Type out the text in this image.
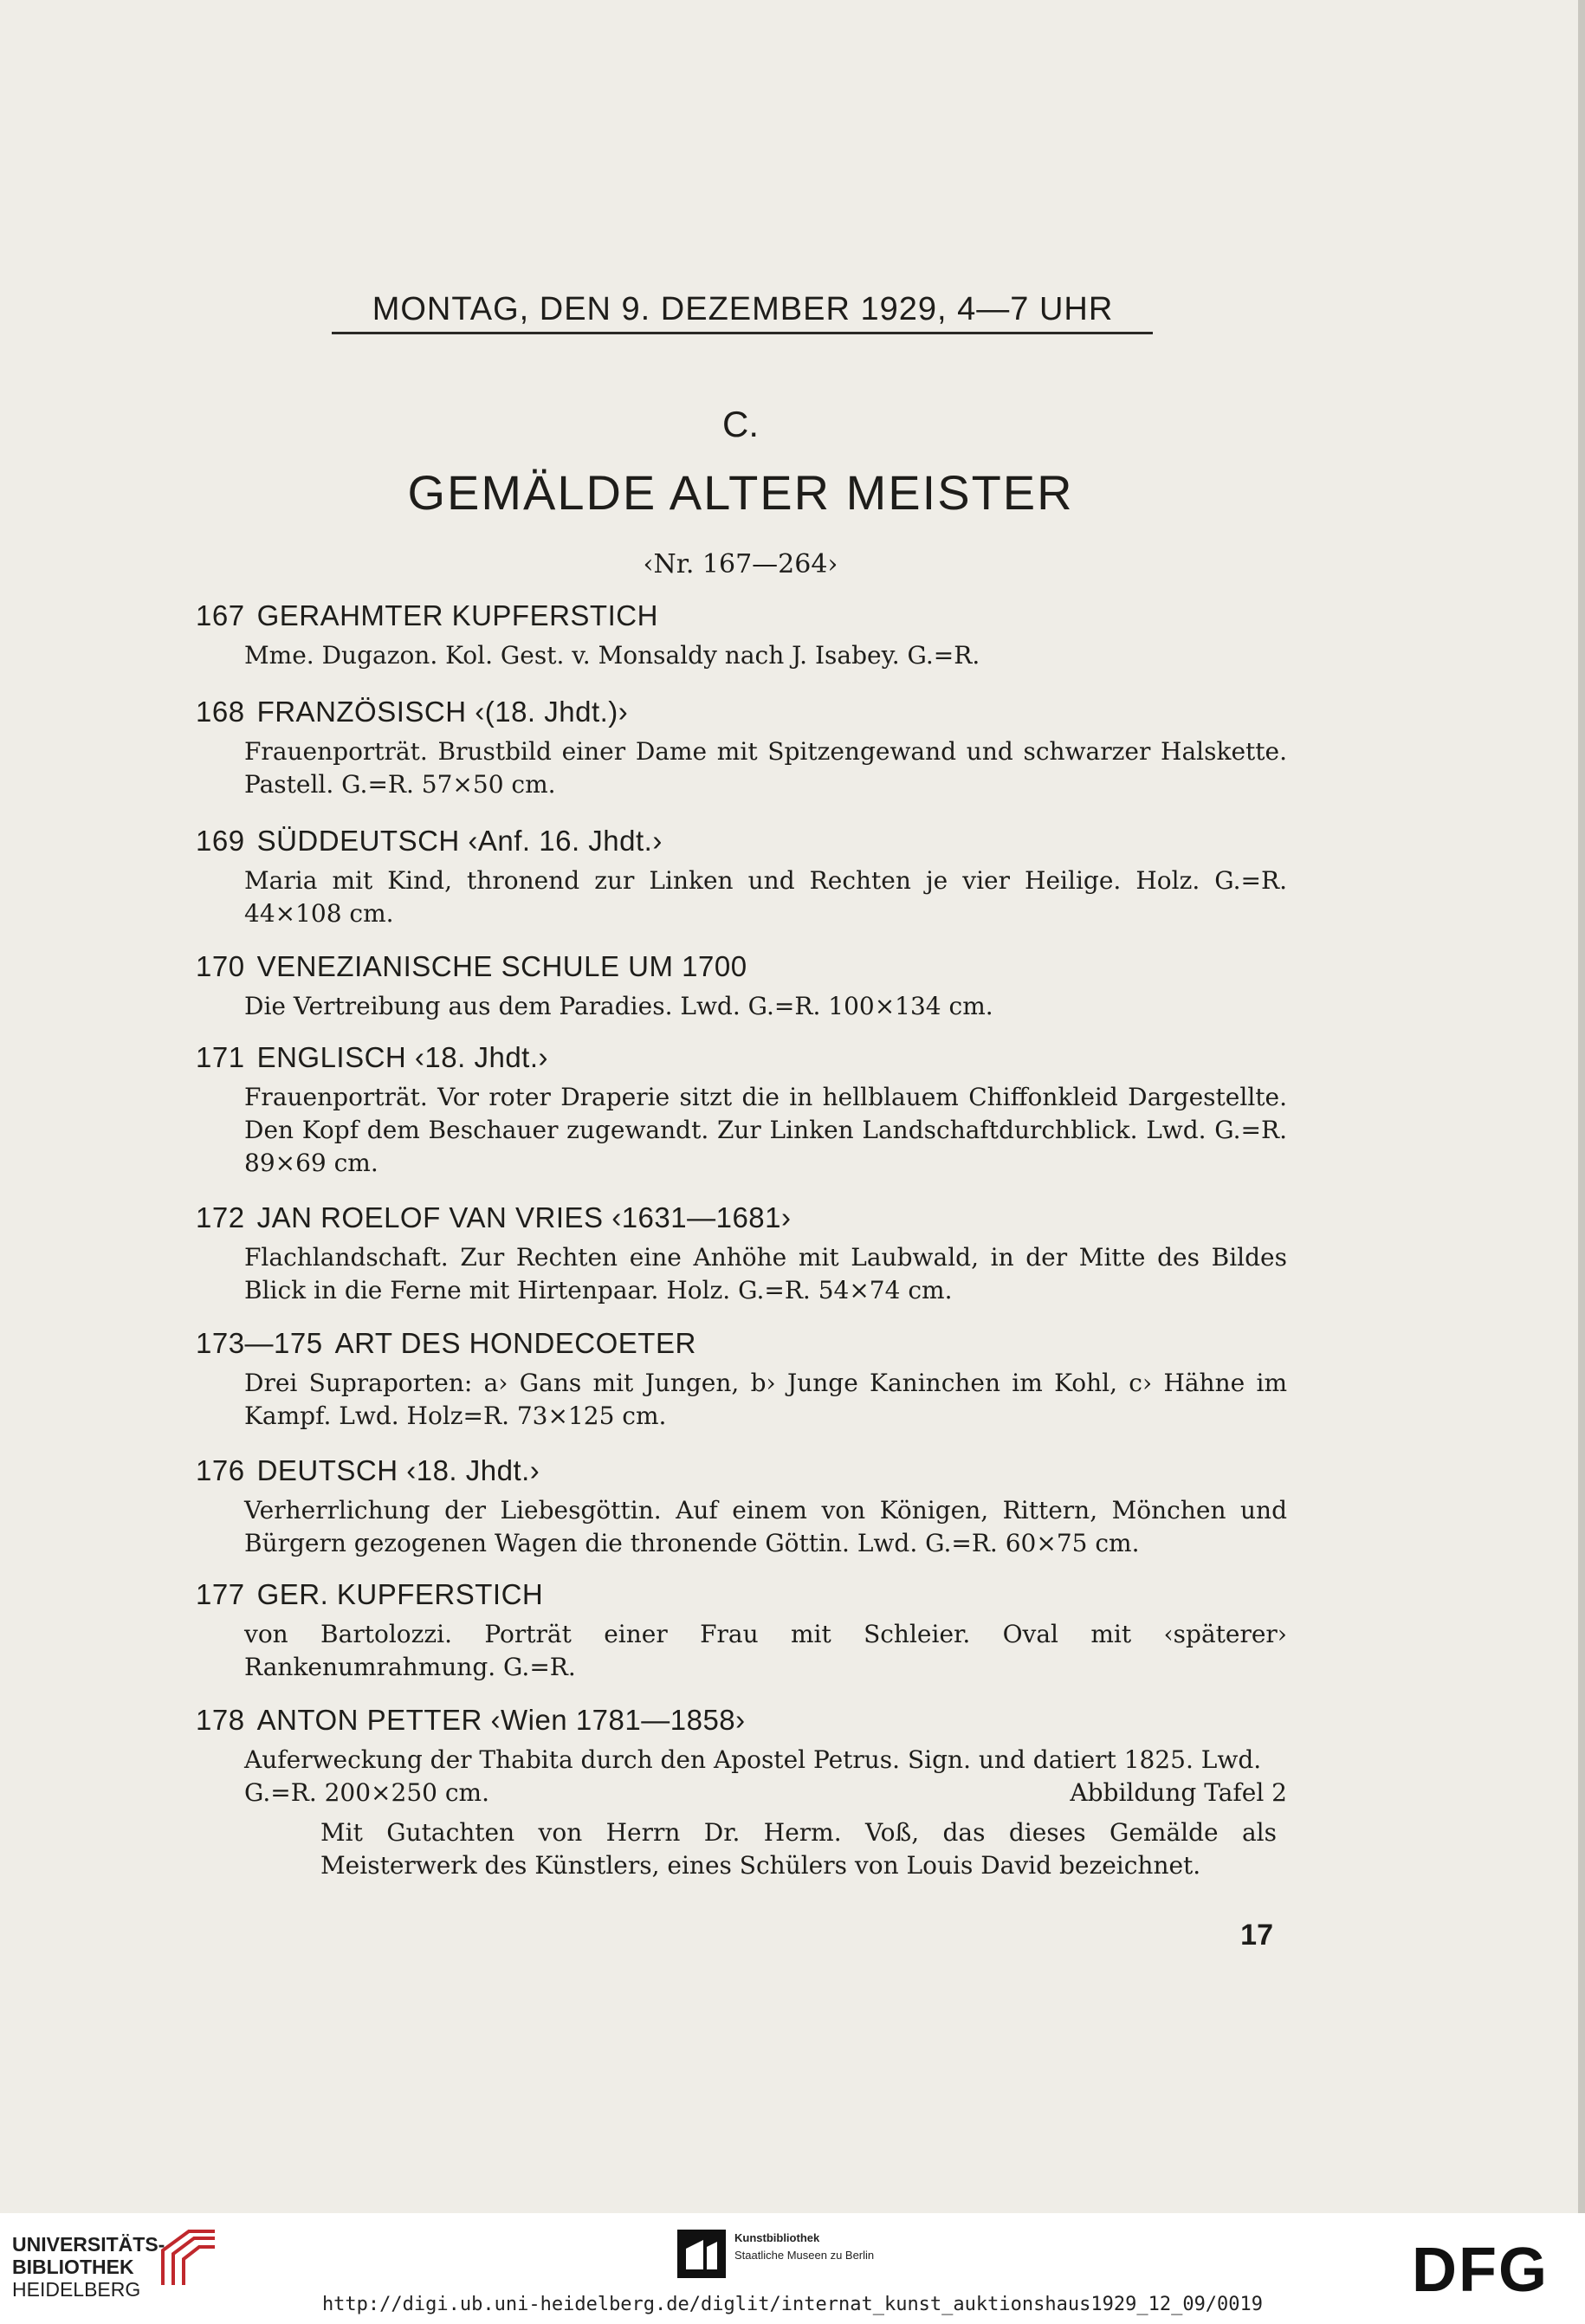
MONTAG, DEN 9. DEZEMBER 1929, 4—7 UHR
C.
GEMÄLDE ALTER MEISTER
‹Nr. 167—264›
167 GERAHMTER KUPFERSTICH
Mme. Dugazon. Kol. Gest. v. Monsaldy nach J. Isabey. G.=R.
168 FRANZÖSISCH ‹(18. Jhdt.)›
Frauenporträt. Brustbild einer Dame mit Spitzengewand und schwarzer Halskette. Pastell. G.=R. 57×50 cm.
169 SÜDDEUTSCH ‹Anf. 16. Jhdt.›
Maria mit Kind, thronend zur Linken und Rechten je vier Heilige. Holz. G.=R. 44×108 cm.
170 VENEZIANISCHE SCHULE UM 1700
Die Vertreibung aus dem Paradies. Lwd. G.=R. 100×134 cm.
171 ENGLISCH ‹18. Jhdt.›
Frauenporträt. Vor roter Draperie sitzt die in hellblauem Chiffonkleid Dargestellte. Den Kopf dem Beschauer zugewandt. Zur Linken Landschaftdurchblick. Lwd. G.=R. 89×69 cm.
172 JAN ROELOF VAN VRIES ‹1631—1681›
Flachlandschaft. Zur Rechten eine Anhöhe mit Laubwald, in der Mitte des Bildes Blick in die Ferne mit Hirtenpaar. Holz. G.=R. 54×74 cm.
173—175 ART DES HONDECOETER
Drei Supraporten: a› Gans mit Jungen, b› Junge Kaninchen im Kohl, c› Hähne im Kampf. Lwd. Holz=R. 73×125 cm.
176 DEUTSCH ‹18. Jhdt.›
Verherrlichung der Liebesgöttin. Auf einem von Königen, Rittern, Mönchen und Bürgern gezogenen Wagen die thronende Göttin. Lwd. G.=R. 60×75 cm.
177 GER. KUPFERSTICH
von Bartolozzi. Porträt einer Frau mit Schleier. Oval mit ‹späterer› Rankenumrahmung. G.=R.
178 ANTON PETTER ‹Wien 1781—1858›
Auferweckung der Thabita durch den Apostel Petrus. Sign. und datiert 1825. Lwd.
G.=R. 200×250 cm.	Abbildung Tafel 2
Mit Gutachten von Herrn Dr. Herm. Voß, das dieses Gemälde als Meisterwerk des Künstlers, eines Schülers von Louis David bezeichnet.
17
UNIVERSITÄTS-
BIBLIOTHEK
HEIDELBERG
Kunstbibliothek
Staatliche Museen zu Berlin	DFG
http://digi.ub.uni-heidelberg.de/diglit/internat_kunst_auktionshaus1929_12_09/0019
